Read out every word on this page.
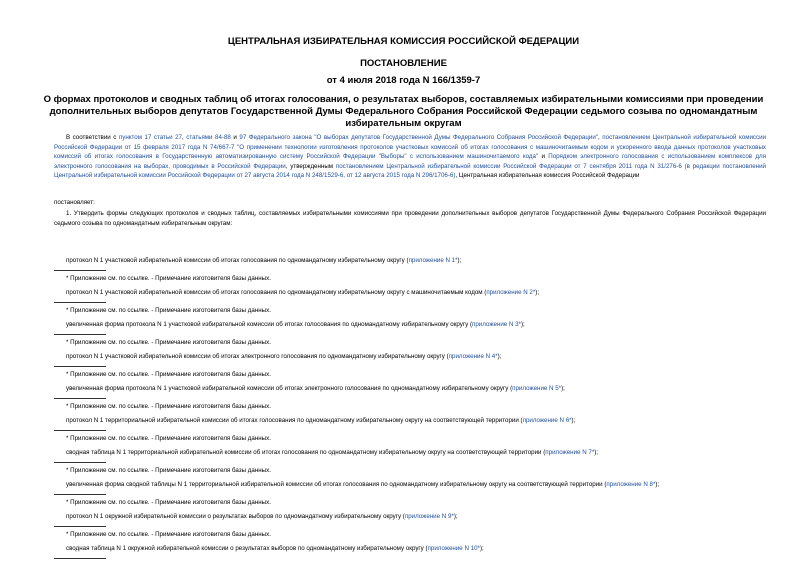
ЦЕНТРАЛЬНАЯ ИЗБИРАТЕЛЬНАЯ КОМИССИЯ РОССИЙСКОЙ ФЕДЕРАЦИИ

ПОСТАНОВЛЕНИЕ

от 4 июля 2018 года N 166/1359-7

О формах протоколов и сводных таблиц об итогах голосования, о результатах выборов, составляемых избирательными комиссиями при проведении дополнительных выборов депутатов Государственной Думы Федерального Собрания Российской Федерации седьмого созыва по одномандатным избирательным округам

В соответствии с пунктом 17 статьи 27, статьями 84-88 и 97 Федерального закона "О выборах депутатов Государственной Думы Федерального Собрания Российской Федерации", постановлением Центральной избирательной комиссии Российской Федерации от 15 февраля 2017 года N 74/667-7 "О применении технологии изготовления протоколов участковых комиссий об итогах голосования с машиночитаемым кодом и ускоренного ввода данных протоколов участковых комиссий об итогах голосования в Государственную автоматизированную систему Российской Федерации "Выборы" с использованием машиночитаемого кода" и Порядком электронного голосования с использованием комплексов для электронного голосования на выборах, проводимых в Российской Федерации, утвержденным постановлением Центральной избирательной комиссии Российской Федерации от 7 сентября 2011 года N 31/276-6 (в редакции постановлений Центральной избирательной комиссии Российской Федерации от 27 августа 2014 года N 248/1529-6, от 12 августа 2015 года N 296/1706-6), Центральная избирательная комиссия Российской Федерации

постановляет:

1. Утвердить формы следующих протоколов и сводных таблиц, составляемых избирательными комиссиями при проведении дополнительных выборов депутатов Государственной Думы Федерального Собрания Российской Федерации седьмого созыва по одномандатным избирательным округам:

протокол N 1 участковой избирательной комиссии об итогах голосования по одномандатному избирательному округу (приложение N 1*);

* Приложение см. по ссылке. - Примечание изготовителя базы данных.

протокол N 1 участковой избирательной комиссии об итогах голосования по одномандатному избирательному округу с машиночитаемым кодом (приложение N 2*);

* Приложение см. по ссылке. - Примечание изготовителя базы данных.

увеличенная форма протокола N 1 участковой избирательной комиссии об итогах голосования по одномандатному избирательному округу (приложение N 3*);

* Приложение см. по ссылке. - Примечание изготовителя базы данных.

протокол N 1 участковой избирательной комиссии об итогах электронного голосования по одномандатному избирательному округу (приложение N 4*);

* Приложение см. по ссылке. - Примечание изготовителя базы данных.

увеличенная форма протокола N 1 участковой избирательной комиссии об итогах электронного голосования по одномандатному избирательному округу (приложение N 5*);

* Приложение см. по ссылке. - Примечание изготовителя базы данных.

протокол N 1 территориальной избирательной комиссии об итогах голосования по одномандатному избирательному округу на соответствующей территории (приложение N 6*);

* Приложение см. по ссылке. - Примечание изготовителя базы данных.

сводная таблица N 1 территориальной избирательной комиссии об итогах голосования по одномандатному избирательному округу на соответствующей территории (приложение N 7*);

* Приложение см. по ссылке. - Примечание изготовителя базы данных.

увеличенная форма сводной таблицы N 1 территориальной избирательной комиссии об итогах голосования по одномандатному избирательному округу на соответствующей территории (приложение N 8*);

* Приложение см. по ссылке. - Примечание изготовителя базы данных.

протокол N 1 окружной избирательной комиссии о результатах выборов по одномандатному избирательному округу (приложение N 9*);

* Приложение см. по ссылке. - Примечание изготовителя базы данных.

сводная таблица N 1 окружной избирательной комиссии о результатах выборов по одномандатному избирательному округу (приложение N 10*);
